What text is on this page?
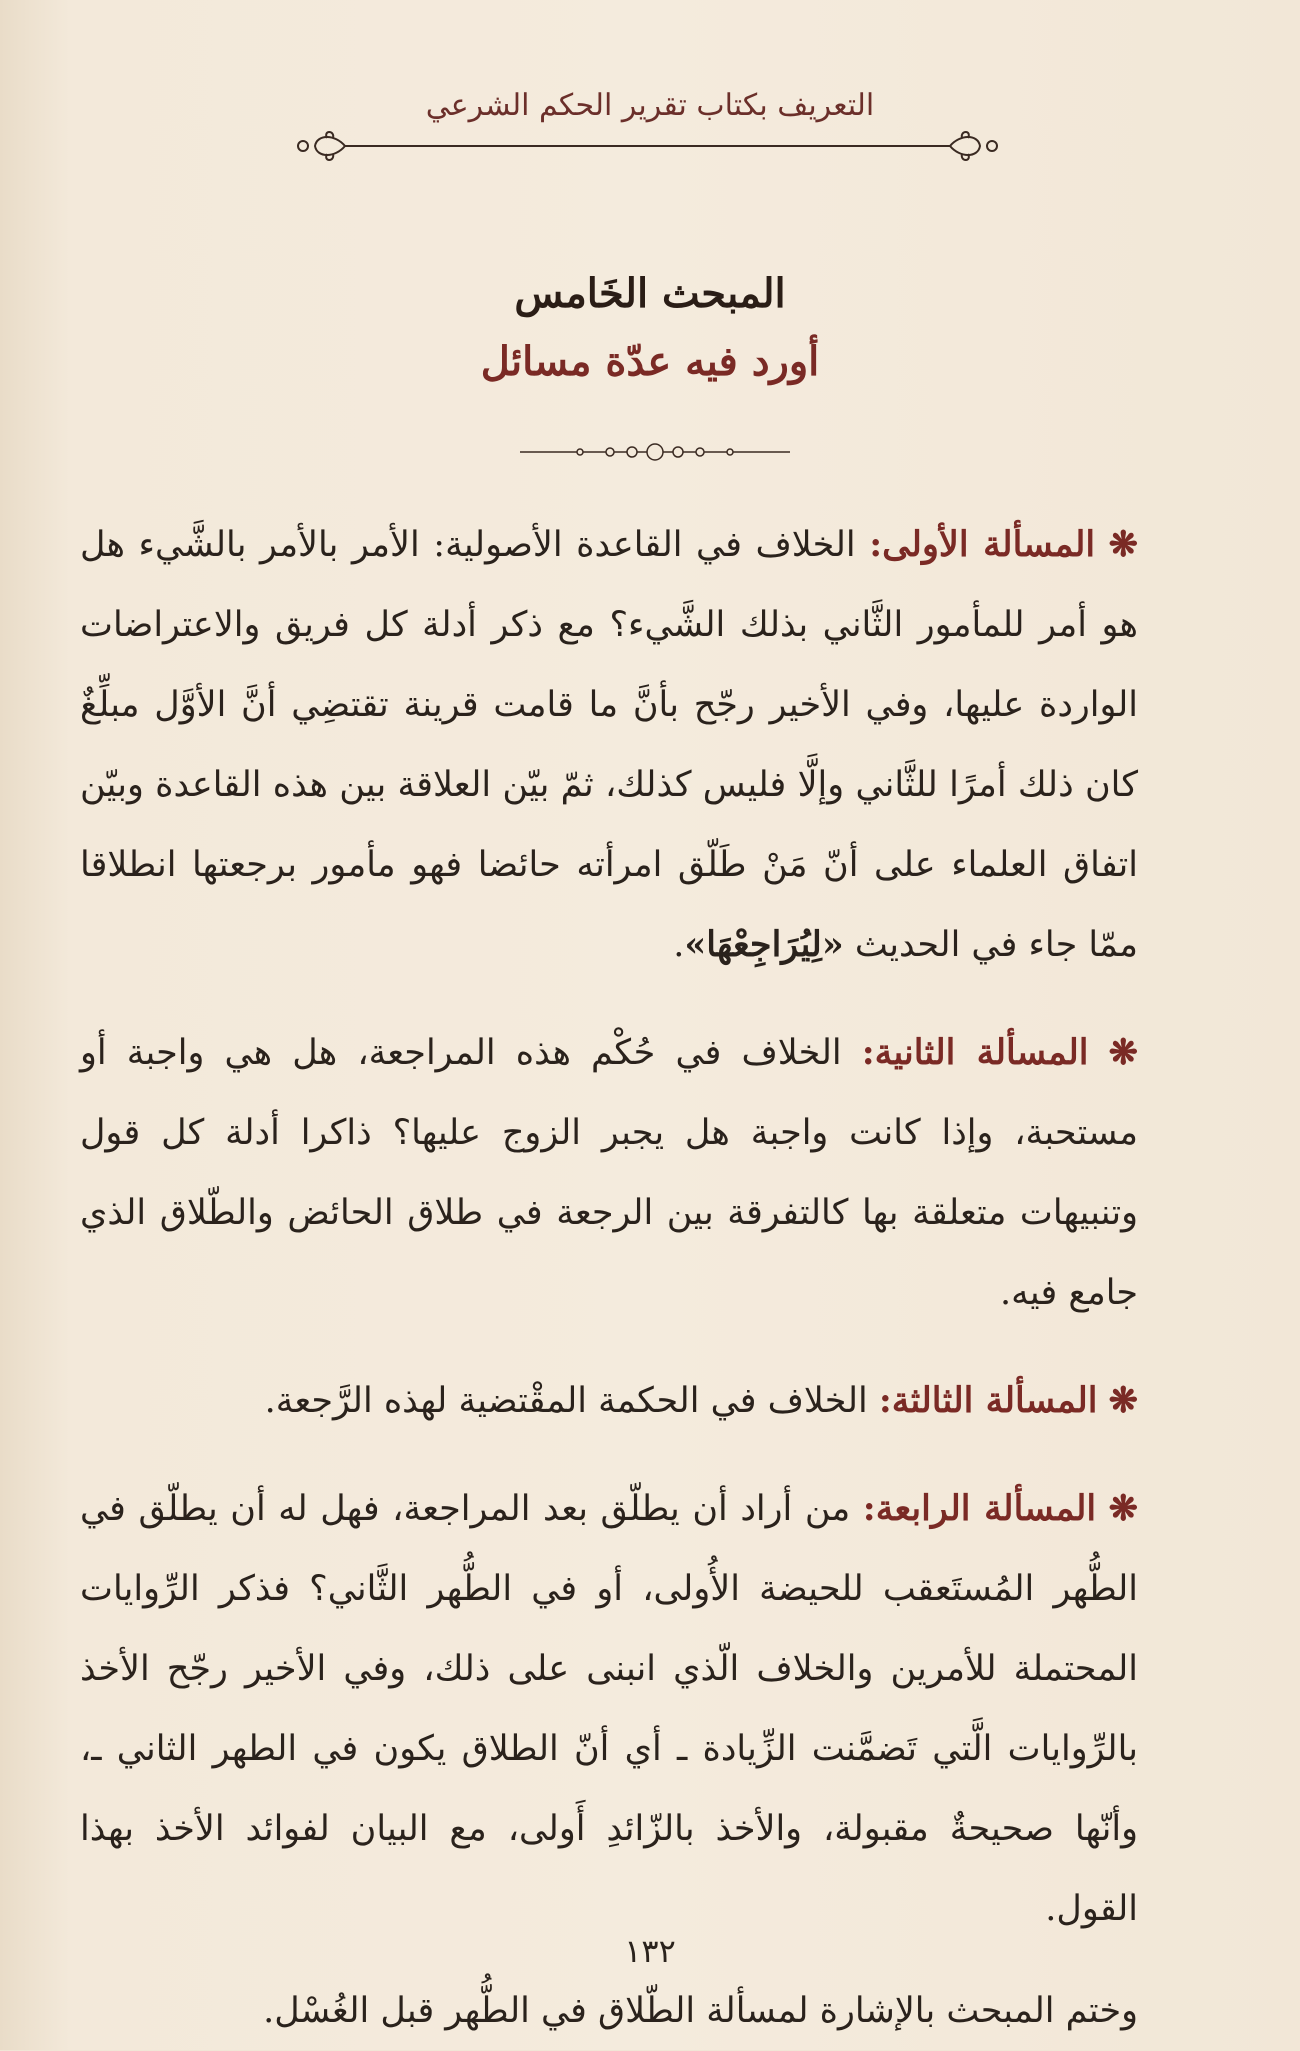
التعريف بكتاب تقرير الحكم الشرعي
المبحث الخَامس
أورد فيه عدّة مسائل

❋ المسألة الأولى: الخلاف في القاعدة الأصولية: الأمر بالأمر بالشَّيء هل هو أمر للمأمور الثَّاني بذلك الشَّيء؟ مع ذكر أدلة كل فريق والاعتراضات الواردة عليها، وفي الأخير رجّح بأنَّ ما قامت قرينة تقتضِي أنَّ الأوَّل مبلِّغٌ كان ذلك أمرًا للثَّاني وإلَّا فليس كذلك، ثمّ بيّن العلاقة بين هذه القاعدة وبيّن اتفاق العلماء على أنّ مَنْ طَلّق امرأته حائضا فهو مأمور برجعتها انطلاقا ممّا جاء في الحديث «لِيُرَاجِعْهَا».

❋ المسألة الثانية: الخلاف في حُكْم هذه المراجعة، هل هي واجبة أو مستحبة، وإذا كانت واجبة هل يجبر الزوج عليها؟ ذاكرا أدلة كل قول وتنبيهات متعلقة بها كالتفرقة بين الرجعة في طلاق الحائض والطّلاق الذي جامع فيه.

❋ المسألة الثالثة: الخلاف في الحكمة المقْتضية لهذه الرَّجعة.

❋ المسألة الرابعة: من أراد أن يطلّق بعد المراجعة، فهل له أن يطلّق في الطُّهر المُستَعقب للحيضة الأُولى، أو في الطُّهر الثَّاني؟ فذكر الرِّوايات المحتملة للأمرين والخلاف الّذي انبنى على ذلك، وفي الأخير رجّح الأخذ بالرِّوايات الَّتي تَضمَّنت الزِّيادة ـ أي أنّ الطلاق يكون في الطهر الثاني ـ، وأنّها صحيحةٌ مقبولة، والأخذ بالزّائدِ أَولى، مع البيان لفوائد الأخذ بهذا القول.

وختم المبحث بالإشارة لمسألة الطّلاق في الطُّهر قبل الغُسْل.

١٣٢
